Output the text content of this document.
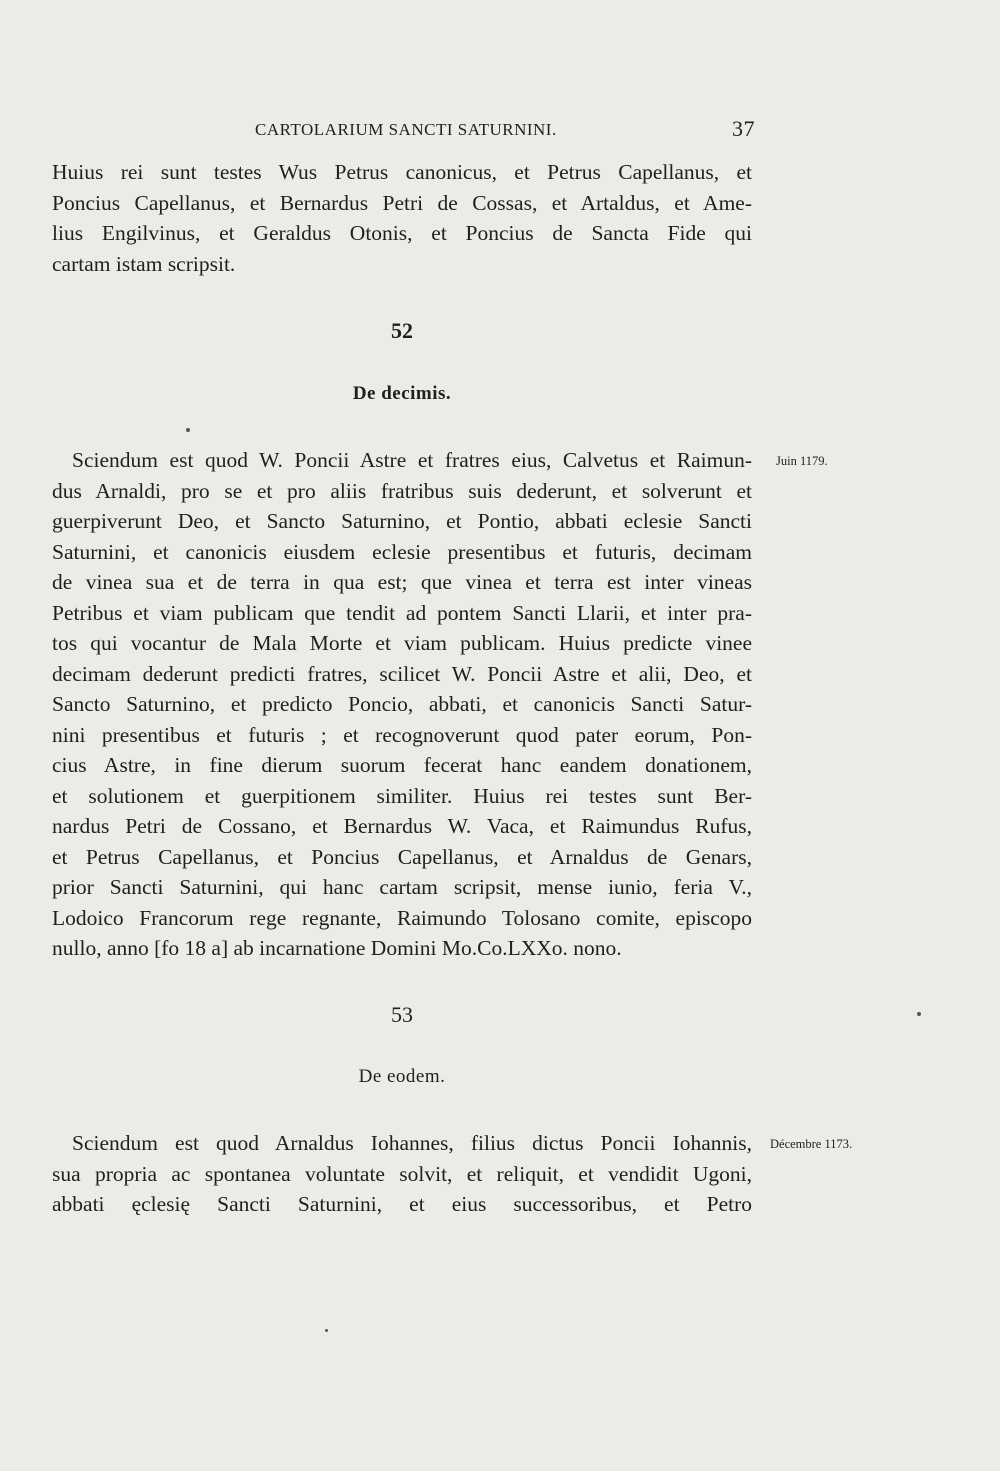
CARTOLARIUM SANCTI SATURNINI.	37
Huius rei sunt testes Wus Petrus canonicus, et Petrus Capellanus, et
Poncius Capellanus, et Bernardus Petri de Cossas, et Artaldus, et Ame-
lius Engilvinus, et Geraldus Otonis, et Poncius de Sancta Fide qui
cartam istam scripsit.
52
De decimis.
Juin 1179.
Sciendum est quod W. Poncii Astre et fratres eius, Calvetus et Raimun-
dus Arnaldi, pro se et pro aliis fratribus suis dederunt, et solverunt et
guerpiverunt Deo, et Sancto Saturnino, et Pontio, abbati eclesie Sancti
Saturnini, et canonicis eiusdem eclesie presentibus et futuris, decimam
de vinea sua et de terra in qua est; que vinea et terra est inter vineas
Petribus et viam publicam que tendit ad pontem Sancti Llarii, et inter pra-
tos qui vocantur de Mala Morte et viam publicam. Huius predicte vinee
decimam dederunt predicti fratres, scilicet W. Poncii Astre et alii, Deo, et
Sancto Saturnino, et predicto Poncio, abbati, et canonicis Sancti Satur-
nini presentibus et futuris ; et recognoverunt quod pater eorum, Pon-
cius Astre, in fine dierum suorum fecerat hanc eandem donationem,
et solutionem et guerpitionem similiter. Huius rei testes sunt Ber-
nardus Petri de Cossano, et Bernardus W. Vaca, et Raimundus Rufus,
et Petrus Capellanus, et Poncius Capellanus, et Arnaldus de Genars,
prior Sancti Saturnini, qui hanc cartam scripsit, mense iunio, feria V.,
Lodoico Francorum rege regnante, Raimundo Tolosano comite, episcopo
nullo, anno [fo 18 a] ab incarnatione Domini Mo.Co.LXXo. nono.
53
De eodem.
Décembre 1173.
Sciendum est quod Arnaldus Iohannes, filius dictus Poncii Iohannis,
sua propria ac spontanea voluntate solvit, et reliquit, et vendidit Ugoni,
abbati ęclesię Sancti Saturnini, et eius successoribus, et Petro
